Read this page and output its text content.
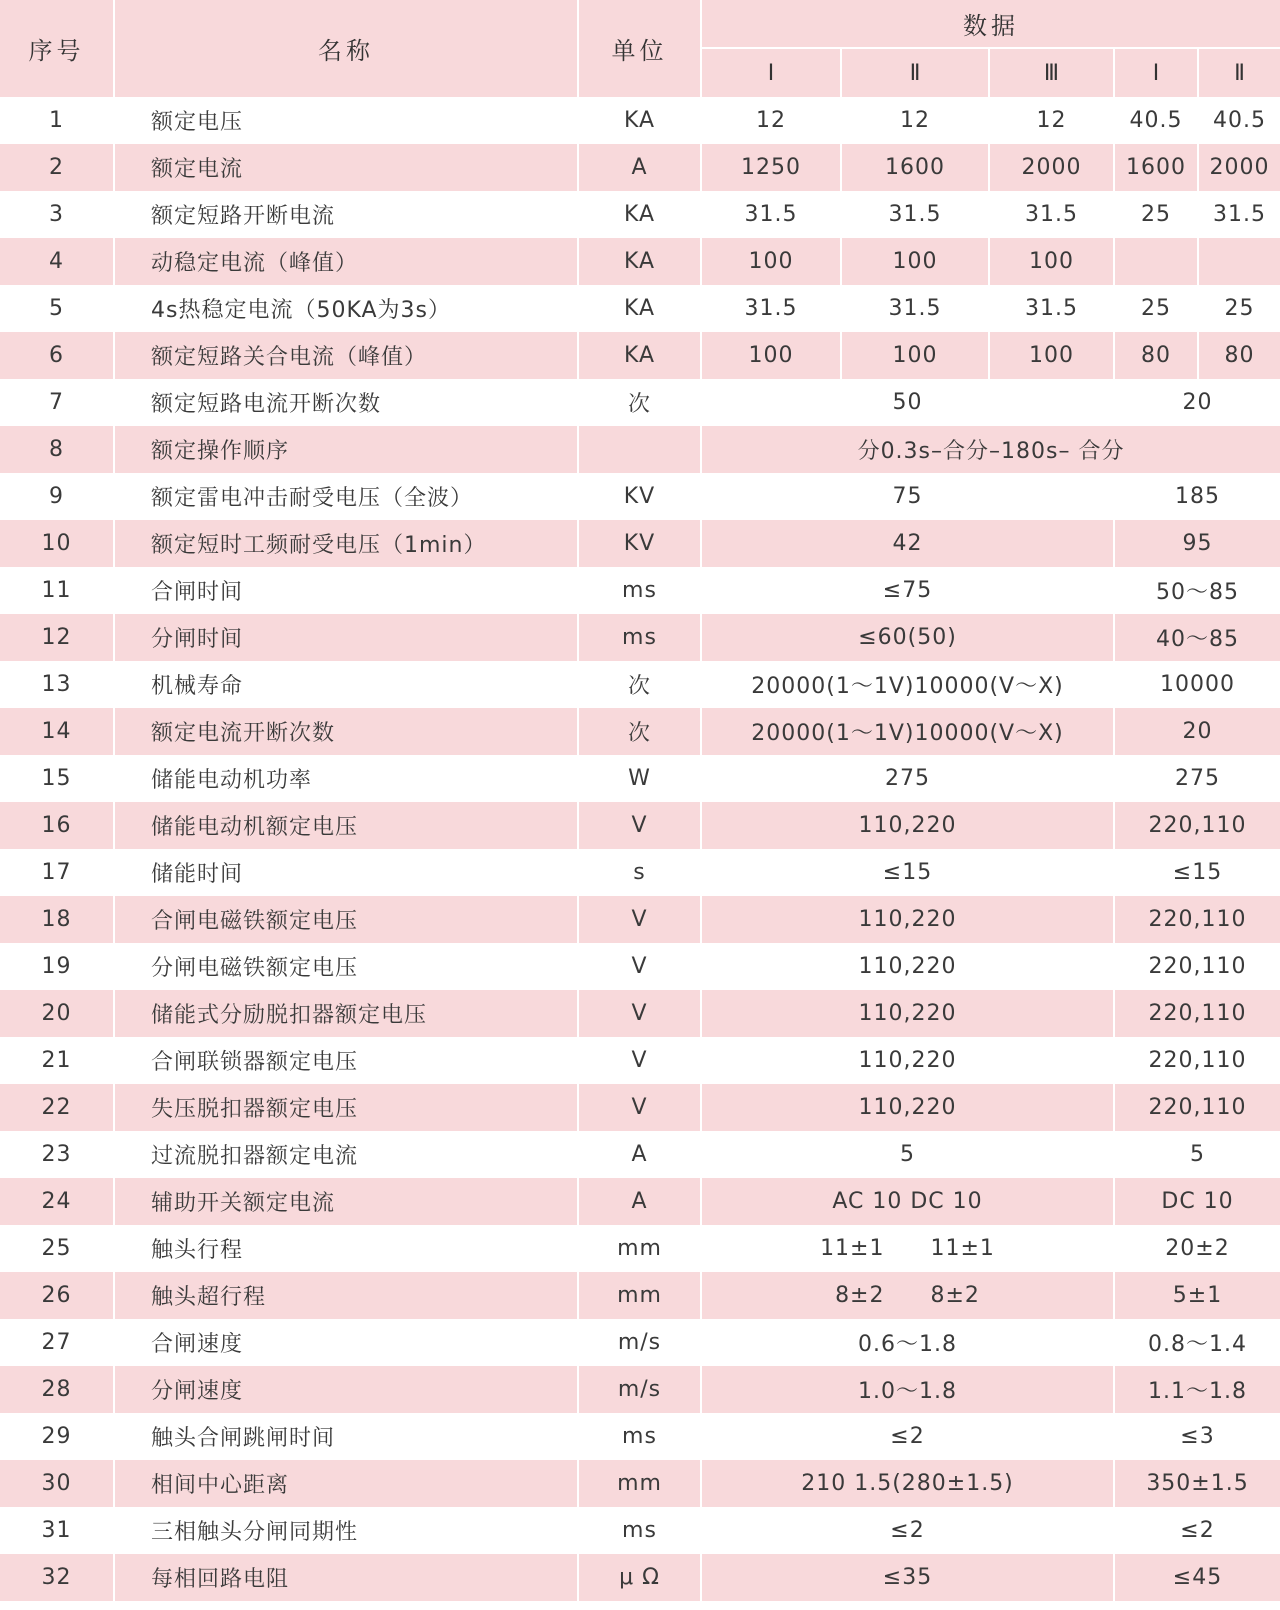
序号	名称	单位	数据				
			Ⅰ	Ⅱ	Ⅲ	Ⅰ	Ⅱ
1	额定电压	KA	12	12	12	40.5	40.5
2	额定电流	A	1250	1600	2000	1600	2000
3	额定短路开断电流	KA	31.5	31.5	31.5	25	31.5
4	动稳定电流（峰值）	KA	100	100	100		
5	4s热稳定电流（50KA为3s）	KA	31.5	31.5	31.5	25	25
6	额定短路关合电流（峰值）	KA	100	100	100	80	80
7	额定短路电流开断次数	次	50			20	
8	额定操作顺序		分0.3s–合分–180s– 合分				
9	额定雷电冲击耐受电压（全波）	KV	75			185	
10	额定短时工频耐受电压（1min）	KV	42			95	
11	合闸时间	ms	≤75			50～85	
12	分闸时间	ms	≤60(50)			40～85	
13	机械寿命	次	20000(1～1V)10000(V～X)			10000	
14	额定电流开断次数	次	20000(1～1V)10000(V～X)			20	
15	储能电动机功率	W	275			275	
16	储能电动机额定电压	V	110,220			220,110	
17	储能时间	s	≤15			≤15	
18	合闸电磁铁额定电压	V	110,220			220,110	
19	分闸电磁铁额定电压	V	110,220			220,110	
20	储能式分励脱扣器额定电压	V	110,220			220,110	
21	合闸联锁器额定电压	V	110,220			220,110	
22	失压脱扣器额定电压	V	110,220			220,110	
23	过流脱扣器额定电流	A	5			5	
24	辅助开关额定电流	A	AC 10 DC 10			DC 10	
25	触头行程	mm	11±1 11±1			20±2	
26	触头超行程	mm	8±2 8±2			5±1	
27	合闸速度	m/s	0.6～1.8			0.8～1.4	
28	分闸速度	m/s	1.0～1.8			1.1～1.8	
29	触头合闸跳闸时间	ms	≤2			≤3	
30	相间中心距离	mm	210 1.5(280±1.5)			350±1.5	
31	三相触头分闸同期性	ms	≤2			≤2	
32	每相回路电阻	μ Ω	≤35			≤45	
